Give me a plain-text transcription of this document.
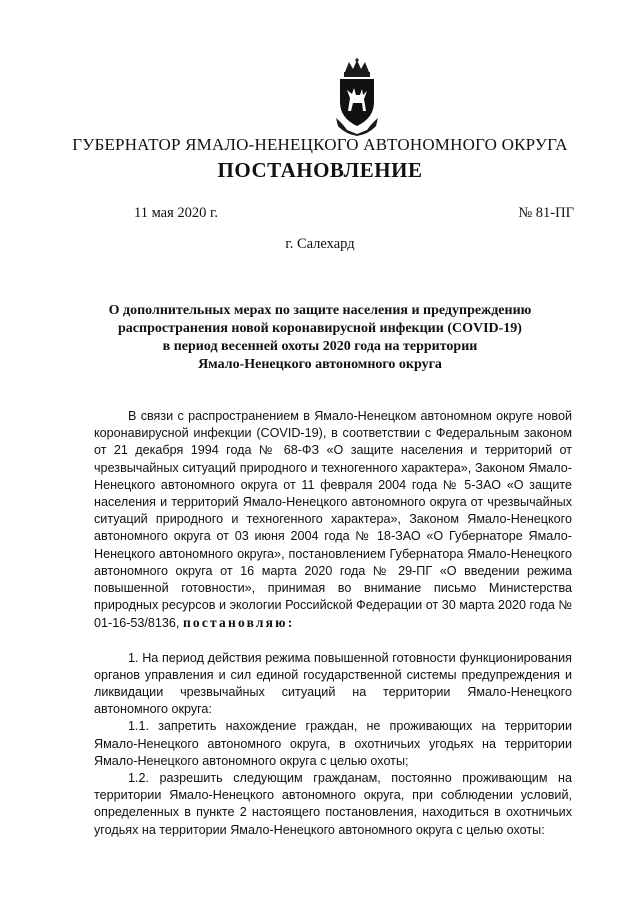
ГУБЕРНАТОР ЯМАЛО-НЕНЕЦКОГО АВТОНОМНОГО ОКРУГА
ПОСТАНОВЛЕНИЕ
11 мая 2020 г.	№ 81-ПГ
г. Салехард
О дополнительных мерах по защите населения и предупреждению
распространения новой коронавирусной инфекции (COVID-19)
в период весенней охоты 2020 года на территории
Ямало-Ненецкого автономного округа

В связи с распространением в Ямало-Ненецком автономном округе новой коронавирусной инфекции (COVID-19), в соответствии с Федеральным законом от 21 декабря 1994 года № 68-ФЗ «О защите населения и территорий от чрезвычайных ситуаций природного и техногенного характера», Законом Ямало-Ненецкого автономного округа от 11 февраля 2004 года № 5-ЗАО «О защите населения и территорий Ямало-Ненецкого автономного округа от чрезвычайных ситуаций природного и техногенного характера», Законом Ямало-Ненецкого автономного округа от 03 июня 2004 года № 18-ЗАО «О Губернаторе Ямало-Ненецкого автономного округа», постановлением Губернатора Ямало-Ненецкого автономного округа от 16 марта 2020 года № 29-ПГ «О введении режима повышенной готовности», принимая во внимание письмо Министерства природных ресурсов и экологии Российской Федерации от 30 марта 2020 года № 01-16-53/8136, постановляю:

1. На период действия режима повышенной готовности функционирования органов управления и сил единой государственной системы предупреждения и ликвидации чрезвычайных ситуаций на территории Ямало-Ненецкого автономного округа:

1.1. запретить нахождение граждан, не проживающих на территории Ямало-Ненецкого автономного округа, в охотничьих угодьях на территории Ямало-Ненецкого автономного округа с целью охоты;

1.2. разрешить следующим гражданам, постоянно проживающим на территории Ямало-Ненецкого автономного округа, при соблюдении условий, определенных в пункте 2 настоящего постановления, находиться в охотничьих угодьях на территории Ямало-Ненецкого автономного округа с целью охоты:
